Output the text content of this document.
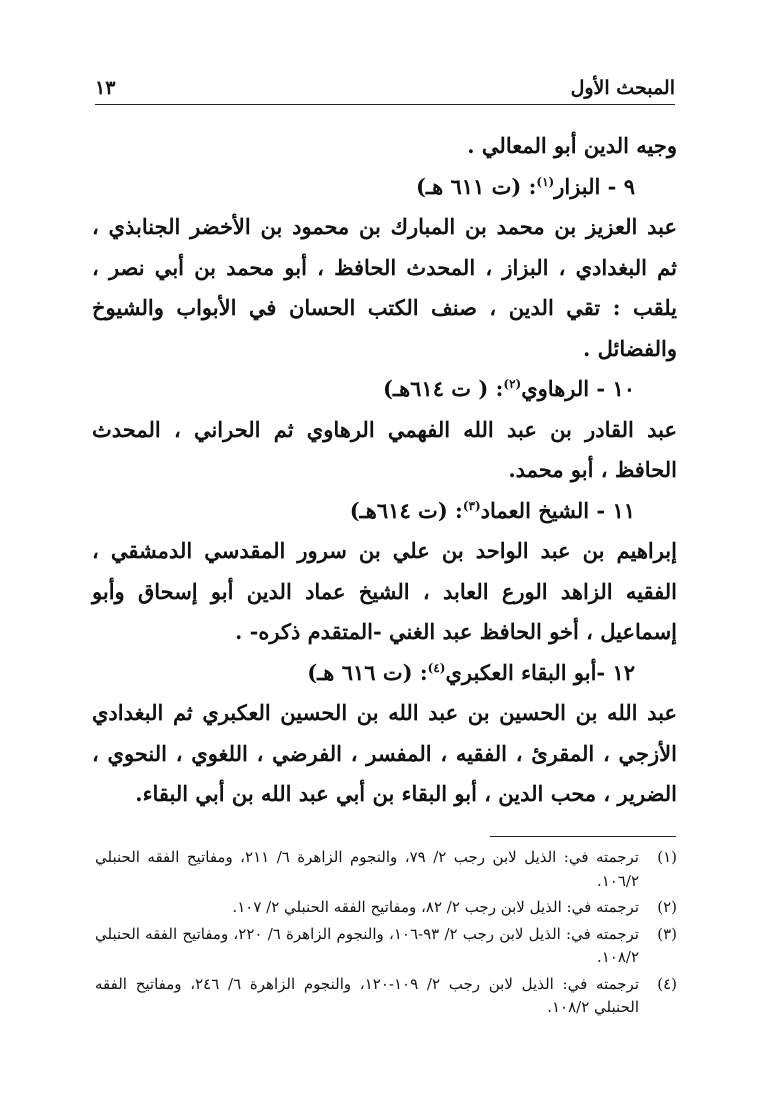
المبحث الأول
١٣

وجيه الدين أبو المعالي .

٩ - البزار$^{(١)}$: (ت ٦١١ هـ)

عبد العزيز بن محمد بن المبارك بن محمود بن الأخضر الجنابذي ، ثم البغدادي ، البزاز ، المحدث الحافظ ، أبو محمد بن أبي نصر ، يلقب : تقي الدين ، صنف الكتب الحسان في الأبواب والشيوخ والفضائل .

١٠ - الرهاوي$^{(٢)}$: ( ت ٦١٤هـ)

عبد القادر بن عبد الله الفهمي الرهاوي ثم الحراني ، المحدث الحافظ ، أبو محمد.

١١ - الشيخ العماد$^{(٣)}$: (ت ٦١٤هـ)

إبراهيم بن عبد الواحد بن علي بن سرور المقدسي الدمشقي ، الفقيه الزاهد الورع العابد ، الشيخ عماد الدين أبو إسحاق وأبو إسماعيل ، أخو الحافظ عبد الغني -المتقدم ذكره- .

١٢ -أبو البقاء العكبري$^{(٤)}$: (ت ٦١٦ هـ)

عبد الله بن الحسين بن عبد الله بن الحسين العكبري ثم البغدادي الأزجي ، المقرئ ، الفقيه ، المفسر ، الفرضي ، اللغوي ، النحوي ، الضرير ، محب الدين ، أبو البقاء بن أبي عبد الله بن أبي البقاء.

(١)
ترجمته في: الذيل لابن رجب ٢/ ٧٩، والنجوم الزاهرة ٦/ ٢١١، ومفاتيح الفقه الحنبلي ١٠٦/٢.
(٢)
ترجمته في: الذيل لابن رجب ٢/ ٨٢، ومفاتيح الفقه الحنبلي ٢/ ١٠٧.
(٣)
ترجمته في: الذيل لابن رجب ٢/ ٩٣-١٠٦، والنجوم الزاهرة ٦/ ٢٢٠، ومفاتيح الفقه الحنبلي ١٠٨/٢.
(٤)
ترجمته في: الذيل لابن رجب ٢/ ١٠٩-١٢٠، والنجوم الزاهرة ٦/ ٢٤٦، ومفاتيح الفقه الحنبلي ١٠٨/٢.
